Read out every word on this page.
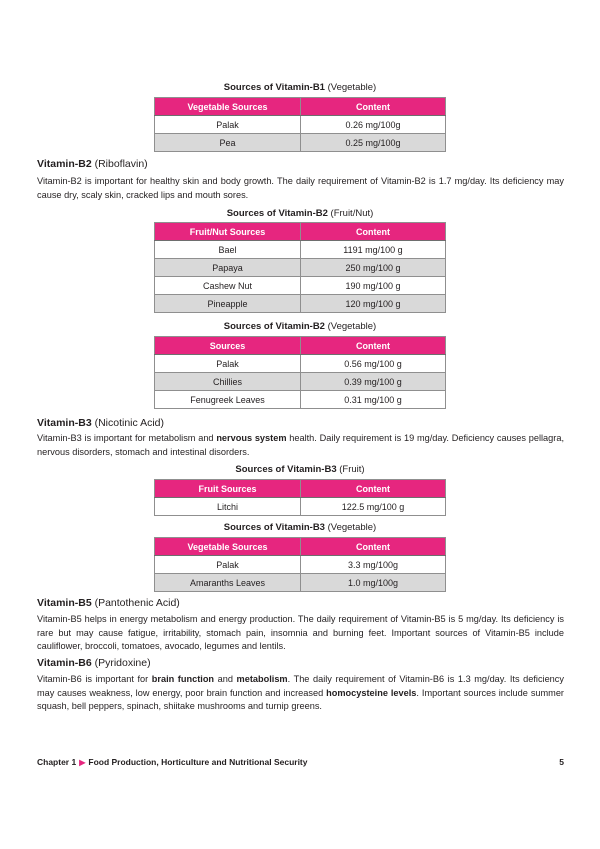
Sources of Vitamin-B1 (Vegetable)
Vegetable Sources	Content
Palak	0.26 mg/100g
Pea	0.25 mg/100g
Vitamin-B2 (Riboflavin)
Vitamin-B2 is important for healthy skin and body growth. The daily requirement of Vitamin-B2 is 1.7 mg/day. Its deficiency may cause dry, scaly skin, cracked lips and mouth sores.
Sources of Vitamin-B2 (Fruit/Nut)
Fruit/Nut Sources	Content
Bael	1191 mg/100 g
Papaya	250 mg/100 g
Cashew Nut	190 mg/100 g
Pineapple	120 mg/100 g
Sources of Vitamin-B2 (Vegetable)
Sources	Content
Palak	0.56 mg/100 g
Chillies	0.39 mg/100 g
Fenugreek Leaves	0.31 mg/100 g
Vitamin-B3 (Nicotinic Acid)
Vitamin-B3 is important for metabolism and nervous system health. Daily requirement is 19 mg/day. Deficiency causes pellagra, nervous disorders, stomach and intestinal disorders.
Sources of Vitamin-B3 (Fruit)
Fruit Sources	Content
Litchi	122.5 mg/100 g
Sources of Vitamin-B3 (Vegetable)
Vegetable Sources	Content
Palak	3.3 mg/100g
Amaranths Leaves	1.0 mg/100g
Vitamin-B5 (Pantothenic Acid)
Vitamin-B5 helps in energy metabolism and energy production. The daily requirement of Vitamin-B5 is 5 mg/day. Its deficiency is rare but may cause fatigue, irritability, stomach pain, insomnia and burning feet. Important sources of Vitamin-B5 include cauliflower, broccoli, tomatoes, avocado, legumes and lentils.
Vitamin-B6 (Pyridoxine)
Vitamin-B6 is important for brain function and metabolism. The daily requirement of Vitamin-B6 is 1.3 mg/day. Its deficiency may causes weakness, low energy, poor brain function and increased homocysteine levels. Important sources include summer squash, bell peppers, spinach, shiitake mushrooms and turnip greens.
Chapter 1 ▶ Food Production, Horticulture and Nutritional Security	5
